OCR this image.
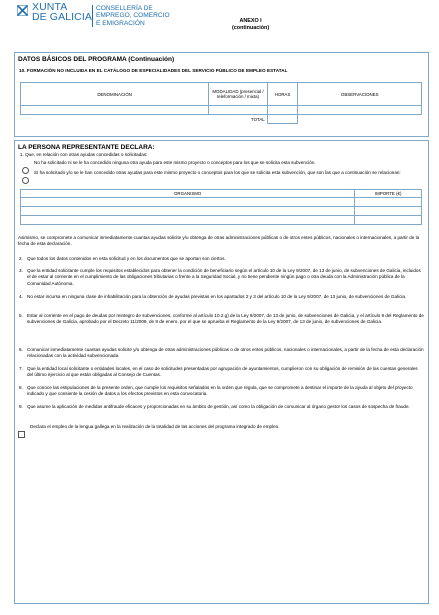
XUNTA
DE GALICIA
CONSELLERÍA DE
EMPREGO, COMERCIO
E EMIGRACIÓN	ANEXO I
(continuación)
DATOS BÁSICOS DEL PROGRAMA (Continuación)
10. FORMACIÓN NO INCLUIDA EN EL CATÁLOGO DE ESPECIALIDADES DEL SERVICIO PÚBLICO DE EMPLEO ESTATAL
DENOMINACIÓN	MODALIDAD (presencial / teleformación / mixta)	HORAS	OBSERVACIONES

TOTAL			
LA PERSONA REPRESENTANTE DECLARA:
1. Que, en relación con otras ayudas concedidas o solicitadas:
No ha solicitado ni se le ha concedido ninguna otra ayuda para este mismo proyecto o conceptos para los que se solicita esta subvención.
Sí ha solicitado y/o se le han concedido otras ayudas para este mismo proyecto o conceptos para los que se solicita esta subvención, que son las que a continuación se relacionan:
ORGANISMO	IMPORTE (€)

Asimismo, se compromete a comunicar inmediatamente cuantas ayudas solicite y/u obtenga de otras administraciones públicas o de otros entes públicos, nacionales o internacionales, a partir de la fecha de esta declaración.
2. Que todos los datos contenidos en esta solicitud y en los documentos que se aportan son ciertos.
3. Que la entidad solicitante cumple los requisitos establecidos para obtener la condición de beneficiario según el artículo 10 de la Ley 9/2007, de 13 de junio, de subvenciones de Galicia, incluidos el de estar al corriente en el cumplimiento de las obligaciones tributarias o frente a la Seguridad Social, y no tiene pendiente ningún pago o otra deuda con la Administración pública de la Comunidad Autónoma.
4. No estar incursa en ninguna clase de inhabilitación para la obtención de ayudas previstas en los apartados 2 y 3 del artículo 10 de la Ley 9/2007, de 13 junio, de subvenciones de Galicia.
5. Estar al corriente en el pago de deudas por reintegro de subvenciones, conforme al artículo 10.2.g) de la Ley 9/2007, de 13 de junio, de subvenciones de Galicia, y el artículo 9 del Reglamento de subvenciones de Galicia, aprobado por el Decreto 11/2009, de 8 de enero, por el que se aprueba el Reglamento de la Ley 9/2007, de 13 de junio, de subvenciones de Galicia.
6. Comunicar inmediatamente cuantas ayudas solicite y/u obtenga de otras administraciones públicas o de otros entes públicos, nacionales o internacionales, a partir de la fecha de esta declaración relacionadas con la actividad subvencionada.
7. Que la entidad local solicitante o entidades locales, en el caso de solicitudes presentadas por agrupación de ayuntamientos, cumplieron con su obligación de remisión de las cuentas generales del último ejercicio al que están obligadas al Consejo de Cuentas.
8. Que conoce las estipulaciones de la presente orden, que cumple los requisitos señalados en la orden que regula, que se compromete a destinar el importe de la ayuda al objeto del proyecto indicado y que consiente la cesión de datos a los efectos previstos en esta convocatoria.
9. Que asume la aplicación de medidas antifraude eficaces y proporcionadas en su ámbito de gestión, así como la obligación de comunicar al órgano gestor los casos de sospecha de fraude.
Declara el empleo de la lengua gallega en la realización de la totalidad de las acciones del programa integrado de empleo.
